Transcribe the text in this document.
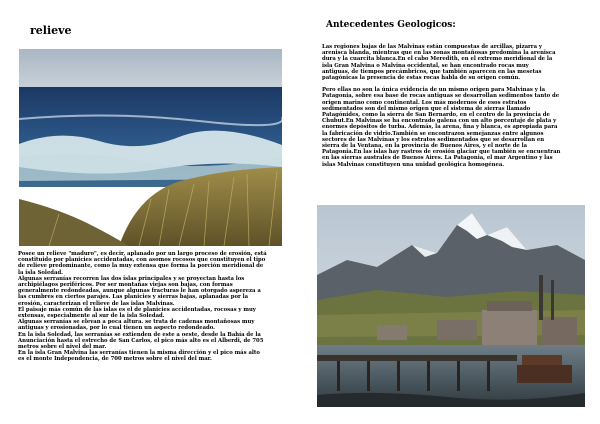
relieve
Posee un relieve "maduro", es decir, aplanado por un largo proceso de erosión, está
constituido por planicies accidentadas, con asomos rocosos que constituyen el tipo
de relieve predominante, como la muy extensa que forma la porción meridional de
la isla Soledad.
Algunas serranías recorren las dos islas principales y se proyectan hasta los
archipiélagos periféricos. Por ser montañas viejas son bajas, con formas
generalmente redondeadas, aunque algunas fracturas le han otorgado aspereza a
las cumbres en ciertos parajes. Las planicies y sierras bajas, aplanadas por la
erosión, caracterizan el relieve de las islas Malvinas.
El paisaje más común de las islas es el de planicies accidentadas, rocosas y muy
extensas, especialmente al sur de la isla Soledad.
Algunas serranías se elevan a poca altura. se trata de cadenas montañosas muy
antiguas y erosionadas, por lo cual tienen un aspecto redondeado.
En la isla Soledad, las serranías se extienden de este a oeste, desde la Bahía de la
Anunciación hasta el estrecho de San Carlos, el pico más alto es el Alberdi, de 705
metros sobre el nivel del mar.
En la isla Gran Malvina las serranías tienen la misma dirección y el pico más alto
es el monte Independencia, de 700 metros sobre el nivel del mar.
Antecedentes Geologicos:

Las regiones bajas de las Malvinas están compuestas de arcillas, pizarra y
arenisca blanda, mientras que en las zonas montañosas predomina la arenisca
dura y la cuarcita blanca.En el cabo Meredith, en el extremo meridional de la
isla Gran Malvina o Malvina occidental, se han encontrado rocas muy
antiguas, de tiempos precámbricos, que también aparecen en las mesetas
patagónicas la presencia de estas rocas habla de su origen común.

Pero ellas no son la única evidencia de un mismo origen para Malvinas y la
Patagonia, sobre esa base de rocas antiguas se desarrollan sedimentos tanto de
origen marino como continental. Los más modernos de esos estratos
sedimentados son del mismo origen que el sistema de sierras llamado
Patagónides, como la sierra de San Bernardo, en el centro de la provincia de
Chubut.En Malvinas se ha encontrado galena con un alto porcentaje de plata y
enormes depósitos de turba. Además, la arena, fina y blanca, es apropiada para
la fabricación de vidrio.También se encontrazon semejanzas entre algunos
sectores de las Malvinas y los estratos sedimentados que se desarrollan en
sierra de la Ventana, en la provincia de Buenos Aires, y el norte de la
Patagonia.En las islas hay rastros de erosión glaciar que también se encuentran
en las sierras australes de Buenos Aires. La Patagonia, el mar Argentino y las
islas Malvinas constituyen una unidad geológica homogénea.
